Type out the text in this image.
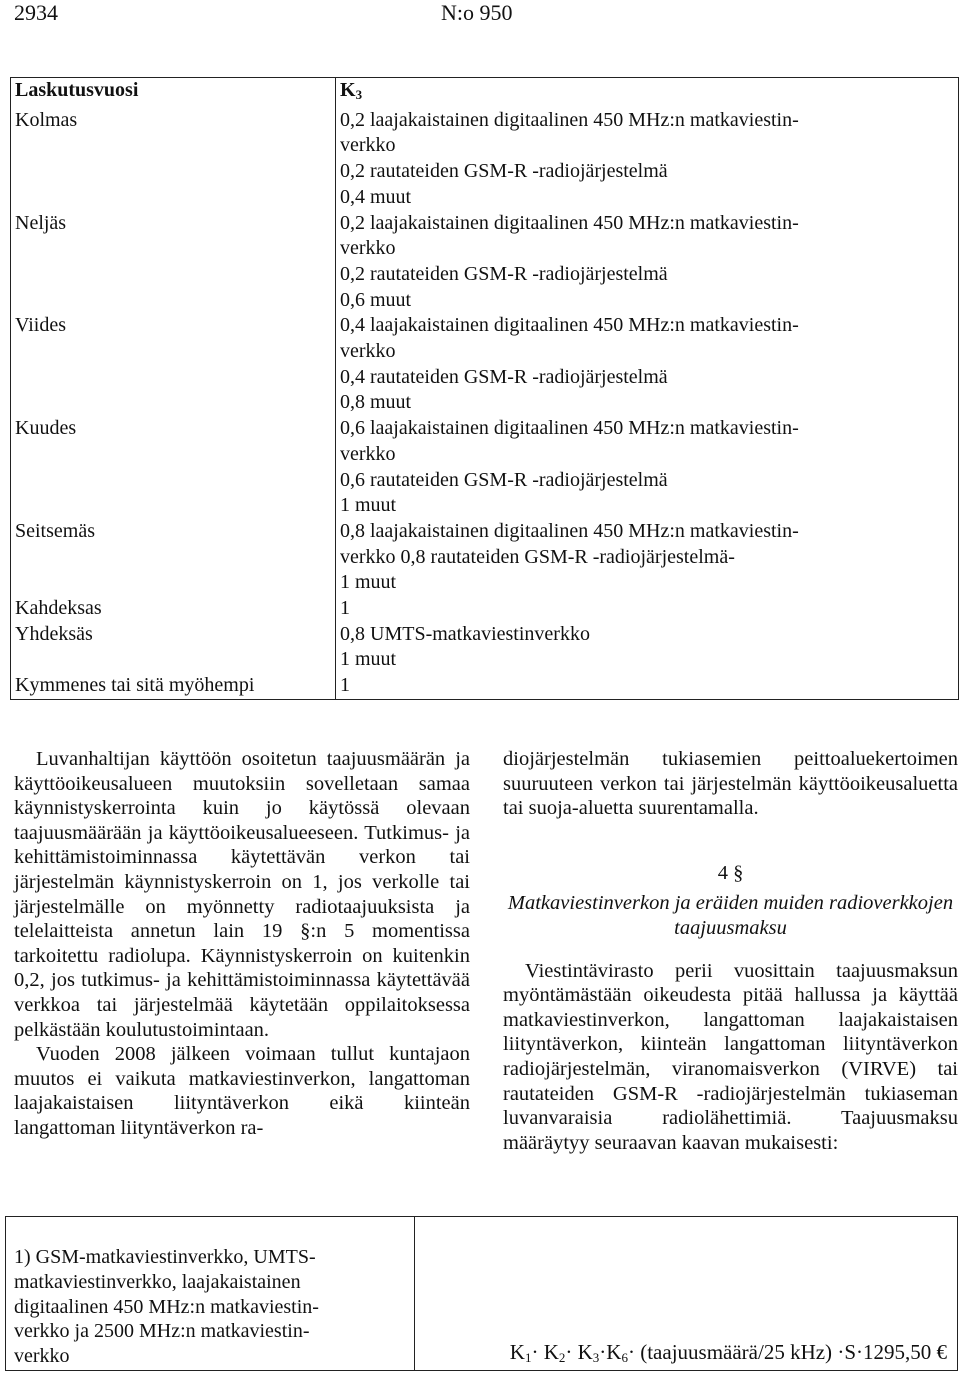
2934	N:o 950
Laskutusvuosi	K3
Kolmas	0,2 laajakaistainen digitaalinen 450 MHz:n matkaviestin-
verkko
0,2 rautateiden GSM-R -radiojärjestelmä
0,4 muut

Neljäs	0,2 laajakaistainen digitaalinen 450 MHz:n matkaviestin-
verkko
0,2 rautateiden GSM-R -radiojärjestelmä
0,6 muut

Viides	0,4 laajakaistainen digitaalinen 450 MHz:n matkaviestin-
verkko
0,4 rautateiden GSM-R -radiojärjestelmä
0,8 muut

Kuudes	0,6 laajakaistainen digitaalinen 450 MHz:n matkaviestin-
verkko
0,6 rautateiden GSM-R -radiojärjestelmä
1 muut

Seitsemäs	0,8 laajakaistainen digitaalinen 450 MHz:n matkaviestin-
verkko 0,8 rautateiden GSM-R -radiojärjestelmä-
1 muut

Kahdeksas	1

Yhdeksäs	0,8 UMTS-matkaviestinverkko
1 muut

Kymmenes tai sitä myöhempi	1

Luvanhaltijan käyttöön osoitetun taajuusmäärän ja käyttöoikeusalueen muutoksiin sovelletaan samaa käynnistyskerrointa kuin jo käytössä olevaan taajuusmäärään ja käyttöoikeusalueeseen. Tutkimus- ja kehittämistoiminnassa käytettävän verkon tai järjestelmän käynnistyskerroin on 1, jos verkolle tai järjestelmälle on myönnetty radiotaajuuksista ja telelaitteista annetun lain 19 §:n 5 momentissa tarkoitettu radiolupa. Käynnistyskerroin on kuitenkin 0,2, jos tutkimus- ja kehittämistoiminnassa käytettävää verkkoa tai järjestelmää käytetään oppilaitoksessa pelkästään koulutustoimintaan.

Vuoden 2008 jälkeen voimaan tullut kuntajaon muutos ei vaikuta matkaviestinverkon, langattoman laajakaistaisen liityntäverkon eikä kiinteän langattoman liityntäverkon ra-

diojärjestelmän tukiasemien peittoaluekertoimen suuruuteen verkon tai järjestelmän käyttöoikeusaluetta tai suoja-aluetta suurentamalla.

4 §

Matkaviestinverkon ja eräiden muiden radioverkkojen taajuusmaksu

Viestintävirasto perii vuosittain taajuusmaksun myöntämästään oikeudesta pitää hallussa ja käyttää matkaviestinverkon, langattoman laajakaistaisen liityntäverkon, kiinteän langattoman liityntäverkon radiojärjestelmän, viranomaisverkon (VIRVE) tai rautateiden GSM-R -radiojärjestelmän tukiaseman luvanvaraisia radiolähettimiä. Taajuusmaksu määräytyy seuraavan kaavan mukaisesti:

1) GSM-matkaviestinverkko, UMTS-
matkaviestinverkko, laajakaistainen
digitaalinen 450 MHz:n matkaviestin-
verkko ja 2500 MHz:n matkaviestin-
verkko	$K_1\cdot K_2\cdot K_3\cdot K_6\cdot$ (taajuusmäärä/25 kHz) ·S·1295,50 €
